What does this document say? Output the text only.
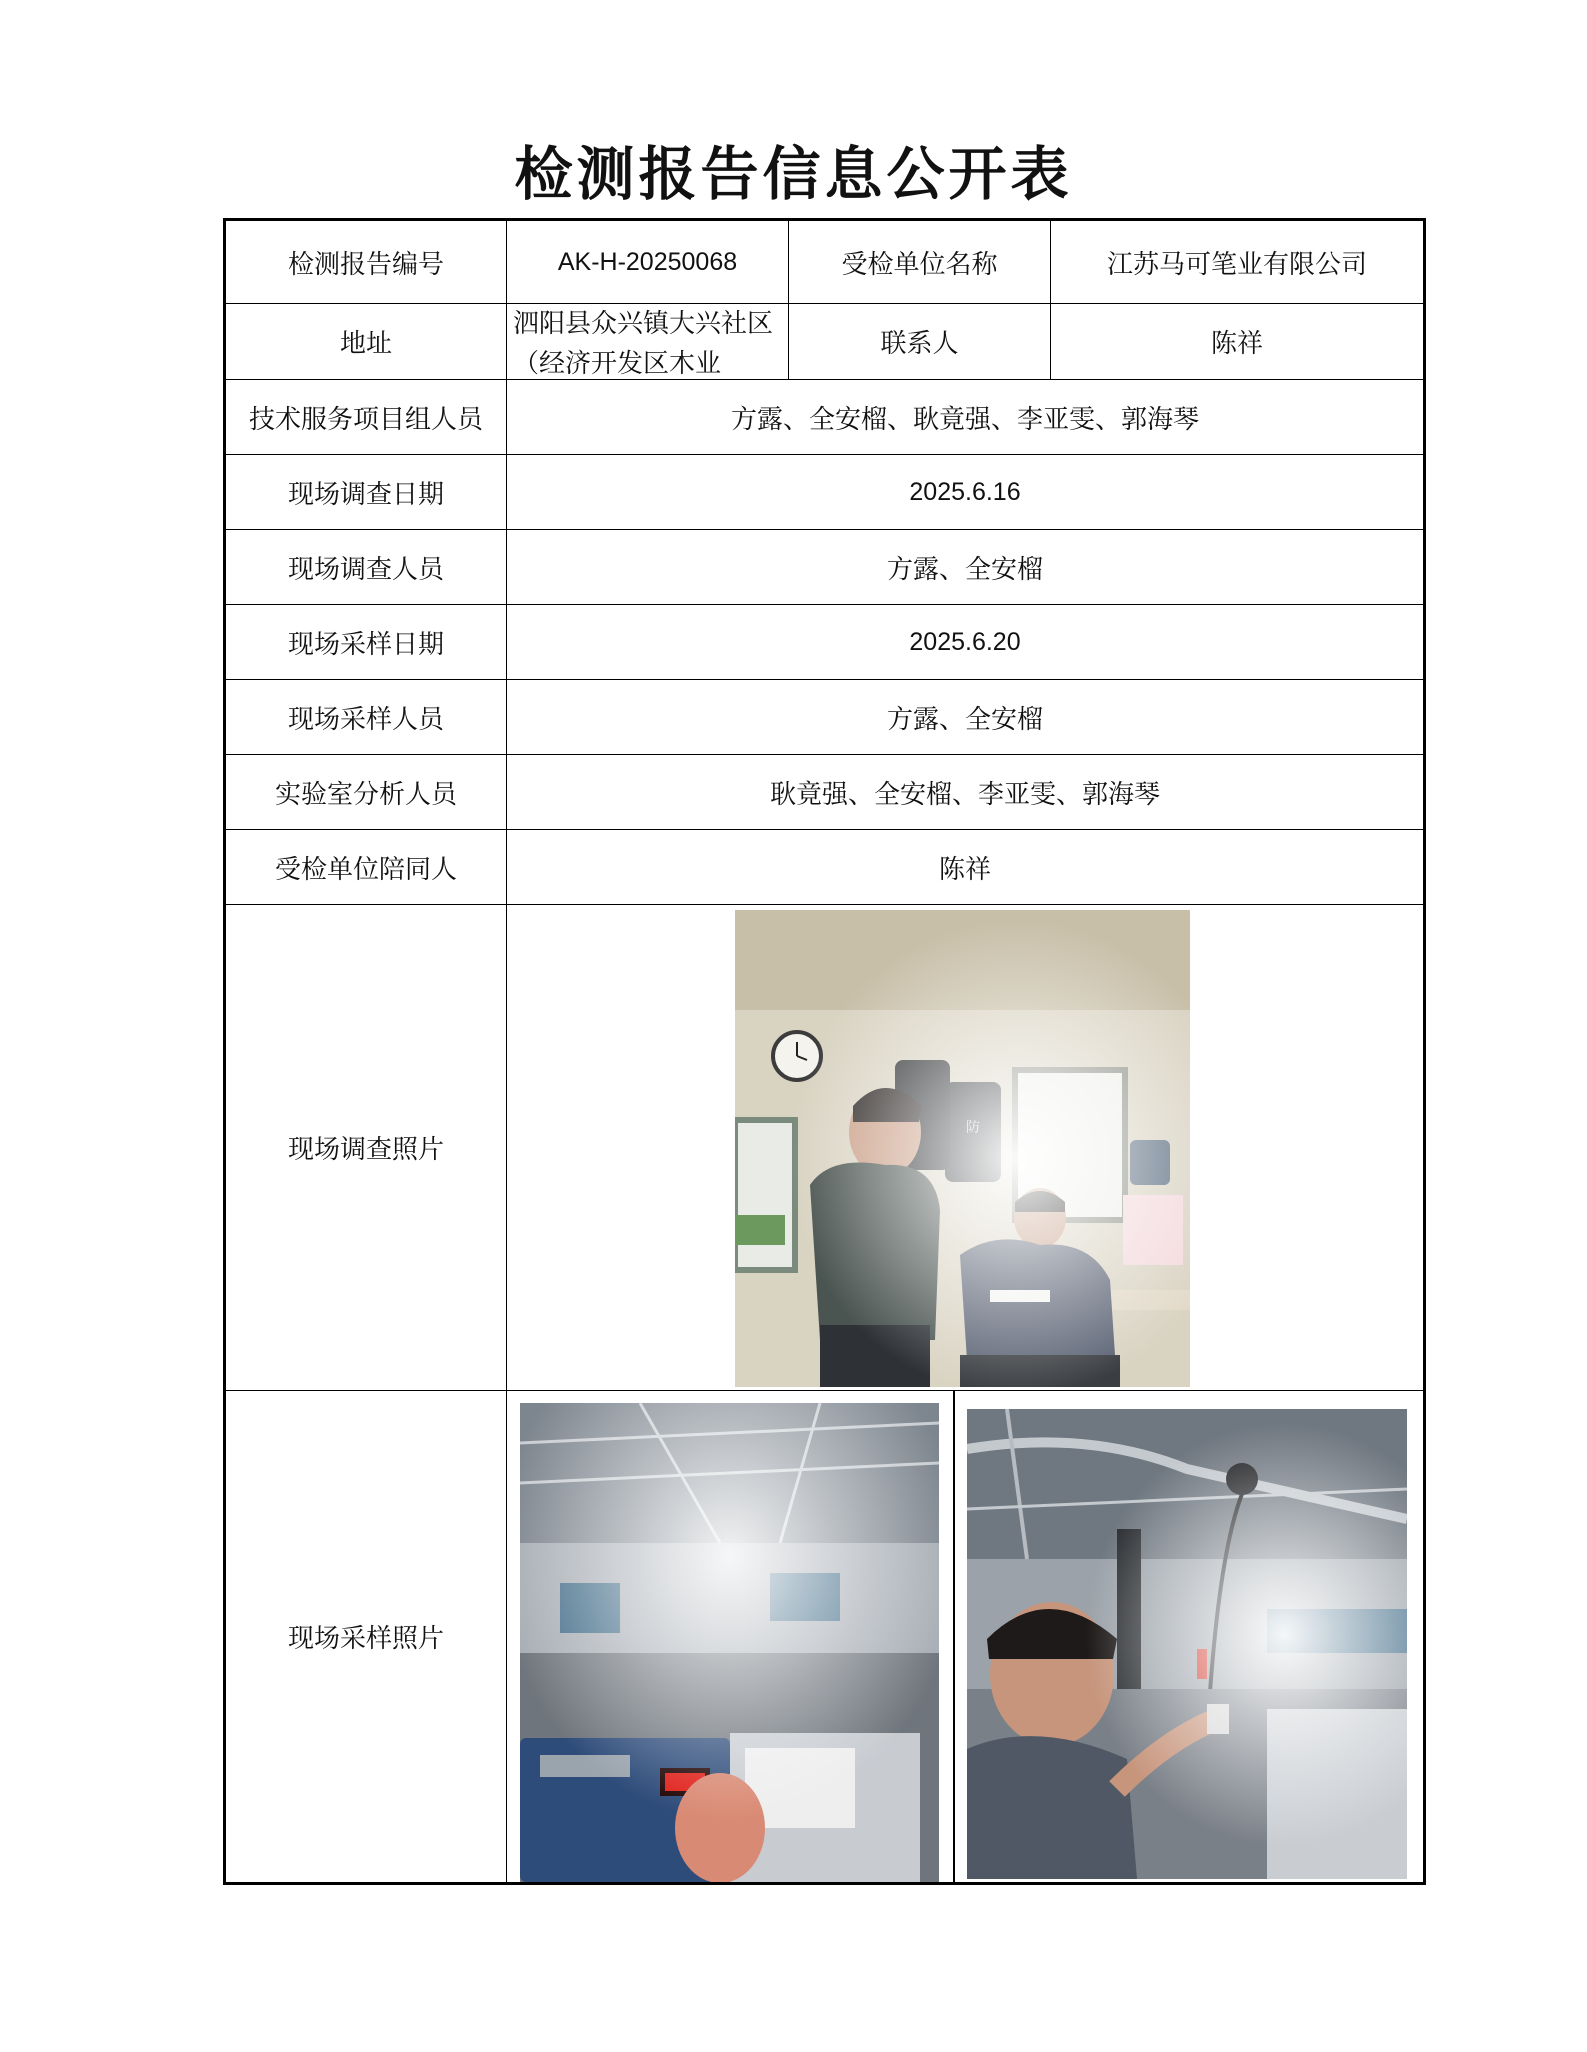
检测报告信息公开表
检测报告编号	AK-H-20250068	受检单位名称	江苏马可笔业有限公司
地址	泗阳县众兴镇大兴社区（经济开发区木业	联系人	陈祥
技术服务项目组人员	方露、全安榴、耿竟强、李亚雯、郭海琴		
现场调查日期	2025.6.16		
现场调查人员	方露、全安榴		
现场采样日期	2025.6.20		
现场采样人员	方露、全安榴		
实验室分析人员	耿竟强、全安榴、李亚雯、郭海琴		
受检单位陪同人	陈祥		
现场调查照片	

现场采样照片	
